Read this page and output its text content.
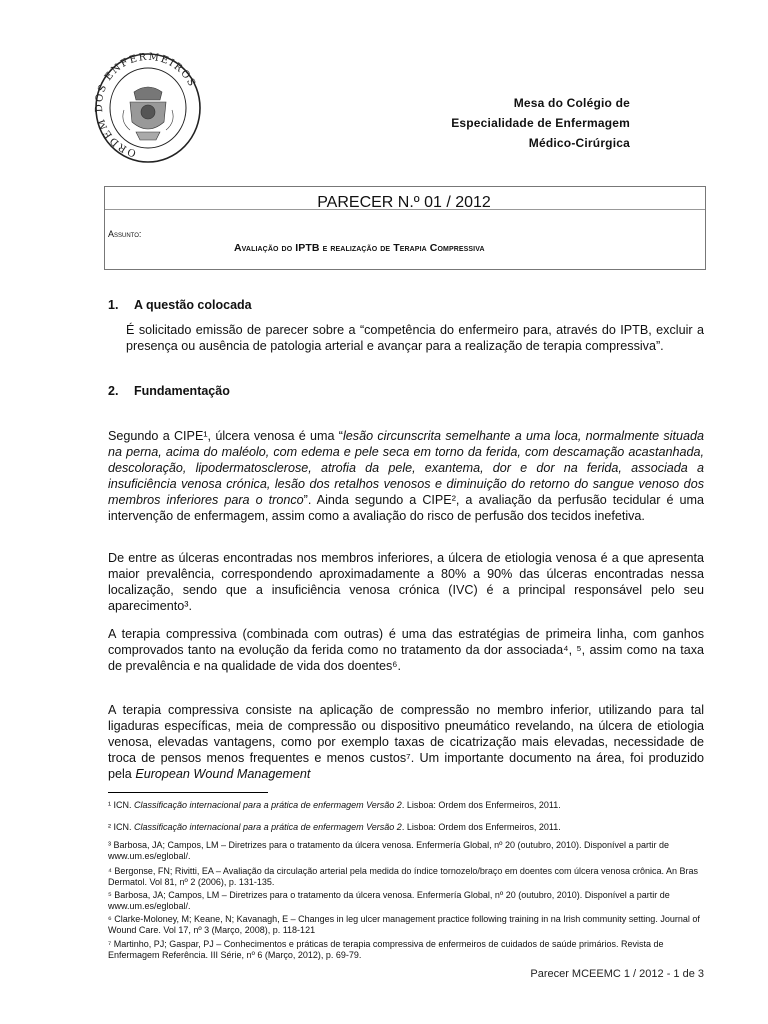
ORDEM DOS ENFERMEIROS
Mesa do Colégio de
Especialidade de Enfermagem
Médico-Cirúrgica
PARECER N.º 01 / 2012
Assunto:
Avaliação do IPTB e realização de Terapia Compressiva
1. A questão colocada
É solicitado emissão de parecer sobre a “competência do enfermeiro para, através do IPTB, excluir a presença ou ausência de patologia arterial e avançar para a realização de terapia compressiva”.
2. Fundamentação
Segundo a CIPE¹, úlcera venosa é uma “lesão circunscrita semelhante a uma loca, normalmente situada na perna, acima do maléolo, com edema e pele seca em torno da ferida, com descamação acastanhada, descoloração, lipodermatosclerose, atrofia da pele, exantema, dor e dor na ferida, associada a insuficiência venosa crónica, lesão dos retalhos venosos e diminuição do retorno do sangue venoso dos membros inferiores para o tronco”. Ainda segundo a CIPE², a avaliação da perfusão tecidular é uma intervenção de enfermagem, assim como a avaliação do risco de perfusão dos tecidos inefetiva.
De entre as úlceras encontradas nos membros inferiores, a úlcera de etiologia venosa é a que apresenta maior prevalência, correspondendo aproximadamente a 80% a 90% das úlceras encontradas nessa localização, sendo que a insuficiência venosa crónica (IVC) é a principal responsável pelo seu aparecimento³.
A terapia compressiva (combinada com outras) é uma das estratégias de primeira linha, com ganhos comprovados tanto na evolução da ferida como no tratamento da dor associada⁴, ⁵, assim como na taxa de prevalência e na qualidade de vida dos doentes⁶.
A terapia compressiva consiste na aplicação de compressão no membro inferior, utilizando para tal ligaduras específicas, meia de compressão ou dispositivo pneumático revelando, na úlcera de etiologia venosa, elevadas vantagens, como por exemplo taxas de cicatrização mais elevadas, necessidade de troca de pensos menos frequentes e menos custos⁷. Um importante documento na área, foi produzido pela European Wound Management
¹ ICN. Classificação internacional para a prática de enfermagem Versão 2. Lisboa: Ordem dos Enfermeiros, 2011.
² ICN. Classificação internacional para a prática de enfermagem Versão 2. Lisboa: Ordem dos Enfermeiros, 2011.
³ Barbosa, JA; Campos, LM – Diretrizes para o tratamento da úlcera venosa. Enfermería Global, nº 20 (outubro, 2010). Disponível a partir de www.um.es/eglobal/.
⁴ Bergonse, FN; Rivitti, EA – Avaliação da circulação arterial pela medida do índice tornozelo/braço em doentes com úlcera venosa crônica. An Bras Dermatol. Vol 81, nº 2 (2006), p. 131-135.
⁵ Barbosa, JA; Campos, LM – Diretrizes para o tratamento da úlcera venosa. Enfermería Global, nº 20 (outubro, 2010). Disponível a partir de www.um.es/eglobal/.
⁶ Clarke-Moloney, M; Keane, N; Kavanagh, E – Changes in leg ulcer management practice following training in na Irish community setting. Journal of Wound Care. Vol 17, nº 3 (Março, 2008), p. 118-121
⁷ Martinho, PJ; Gaspar, PJ – Conhecimentos e práticas de terapia compressiva de enfermeiros de cuidados de saúde primários. Revista de Enfermagem Referência. III Série, nº 6 (Março, 2012), p. 69-79.
Parecer MCEEMC 1 / 2012 - 1 de 3
